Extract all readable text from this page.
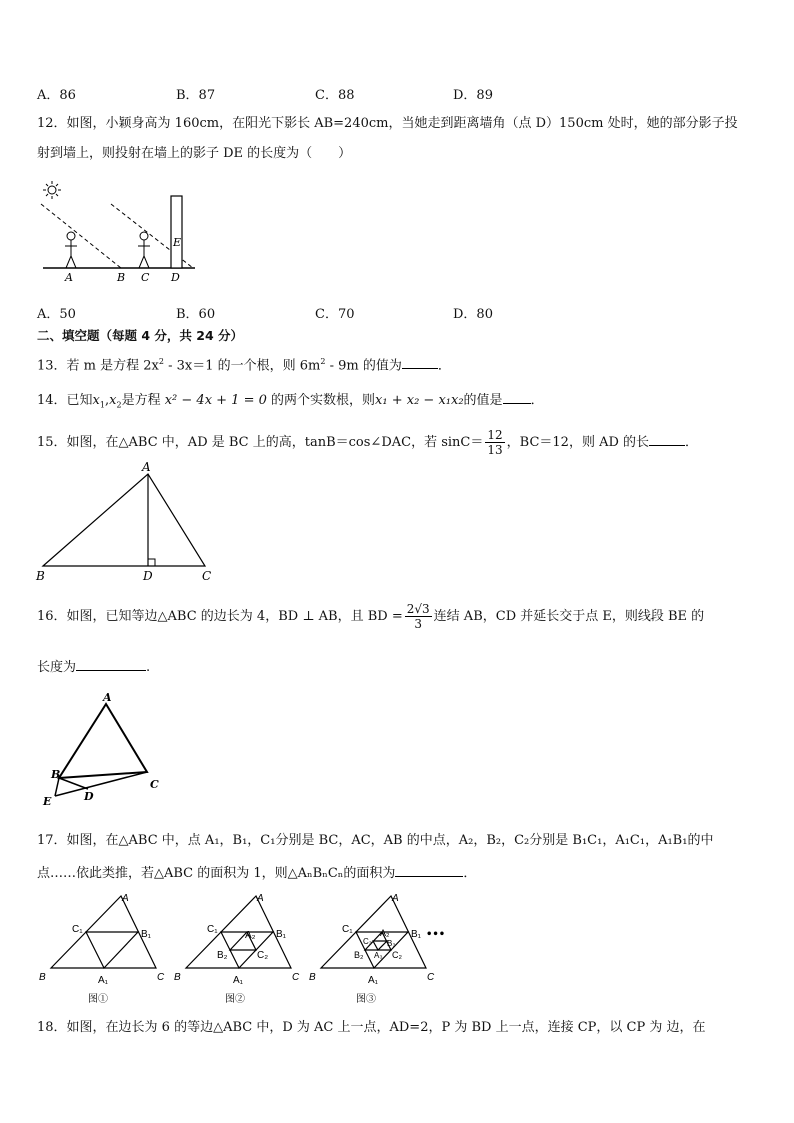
A．86	B．87	C．88	D．89
12．如图，小颖身高为 160cm，在阳光下影长 AB=240cm，当她走到距离墙角（点 D）150cm 处时，她的部分影子投
射到墙上，则投射在墙上的影子 DE 的长度为（　　）
A	B C D
E
A．50	B．60	C．70	D．80
二、填空题（每题 4 分，共 24 分）
13．若 m 是方程 $2x^2 - 3x=1$ 的一个根，则 $6m^2 - 9m$ 的值为	．
14．已知$x_1,x_2$是方程 x² − 4x + 1 = 0 的两个实数根，则x₁ + x₂ − x₁x₂的值是 ．
15．如图，在△ABC 中，AD 是 BC 上的高，tanB＝cos∠DAC，若 $\sin C= \frac{12}{13}$ ，BC＝12，则 AD 的长	．
A
B	D	C
16．如图，已知等边△ABC 的边长为 4，BD ⊥ AB，且 BD = $\frac{2√3}{3}$ 连结 AB，CD 并延长交于点 E，则线段 BE 的
长度为	.
A
B
C
D
E
17．如图，在△ABC 中，点 A₁，B₁，C₁分别是 BC，AC，AB 的中点，A₂，B₂，C₂分别是 B₁C₁，A₁C₁，A₁B₁的中
点……依此类推，若△ABC 的面积为 1，则△AₙBₙCₙ的面积为	．
A
B	C
A₁
B₁
C₁
图①
A
B	C
A₁
B₁
C₁
A₂
B₂	C₂
图②
A
B	C
A₁
B₁
C₁	A₂
B₂	C₂
A₃
B₃
C₃
•••
图③
18．如图，在边长为 6 的等边△ABC 中，D 为 AC 上一点，AD=2，P 为 BD 上一点，连接 CP，以 CP 为 边，在
